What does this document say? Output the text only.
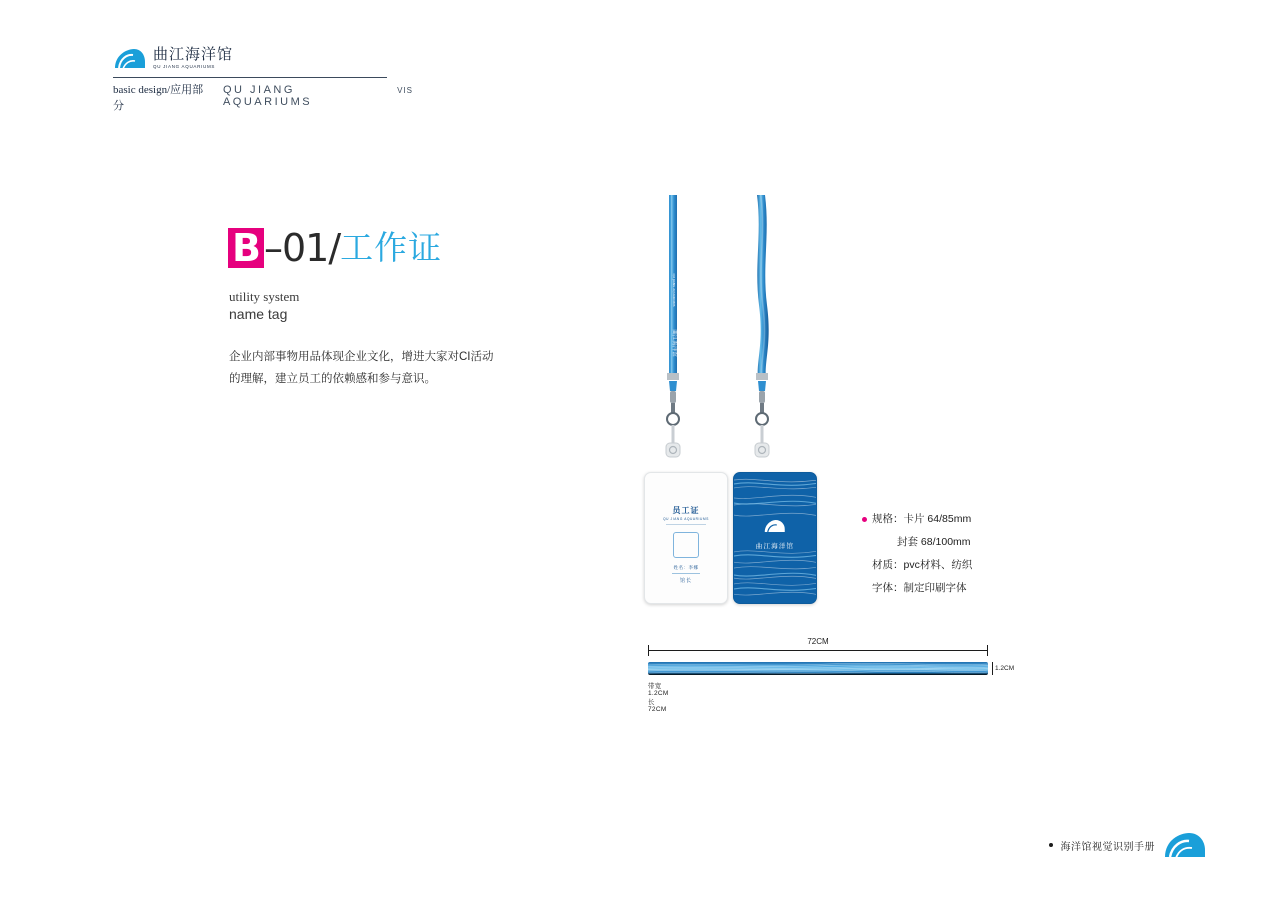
曲江海洋馆
QU JIANG AQUARIUMS
basic design/应用部分
QU JIANG AQUARIUMS
VIS
B –01/ 工作证
utility system
name tag
企业内部事物用品体现企业文化，增进大家对CI活动的理解，建立员工的依赖感和参与意识。
规格： 卡片 64/85mm
封套 68/100mm
材质： pvc材料、纺织
字体： 制定印刷字体
QU JIANG AQUARIUMS
曲江海洋馆
员工证
QU JIANG AQUARIUMS
姓名：李娜
馆长
曲江海洋馆
72CM
带宽 1.2CM 长72CM
1.2CM
海洋馆视觉识别手册
